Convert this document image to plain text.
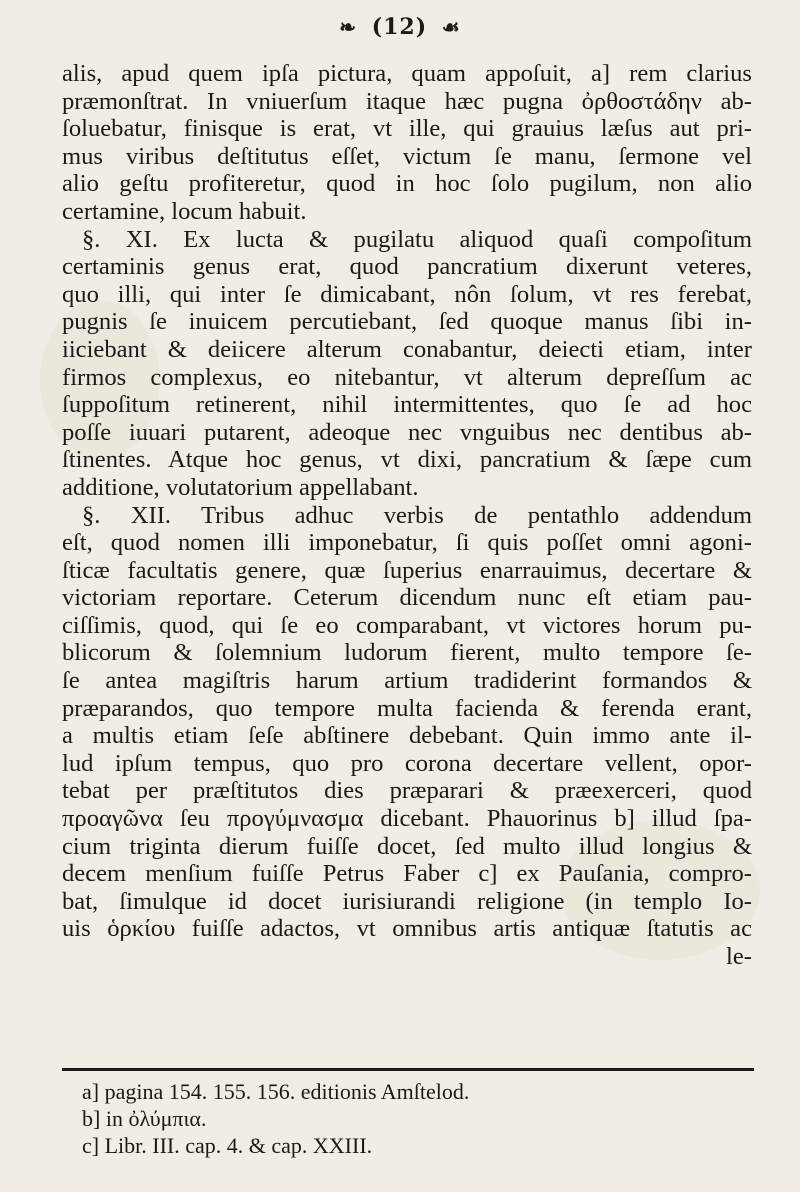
❧ (12) ☙
alis, apud quem ipſa pictura, quam appoſuit, a] rem clarius
præmonſtrat. In vniuerſum itaque hæc pugna ὀρθοστάδην ab-
ſoluebatur, finisque is erat, vt ille, qui grauius læſus aut pri-
mus viribus deſtitutus eſſet, victum ſe manu, ſermone vel
alio geſtu profiteretur, quod in hoc ſolo pugilum, non alio
certamine, locum habuit.
§. XI. Ex lucta & pugilatu aliquod quaſi compoſitum
certaminis genus erat, quod pancratium dixerunt veteres,
quo illi, qui inter ſe dimicabant, nôn ſolum, vt res ferebat,
pugnis ſe inuicem percutiebant, ſed quoque manus ſibi in-
iiciebant & deiicere alterum conabantur, deiecti etiam, inter
firmos complexus, eo nitebantur, vt alterum depreſſum ac
ſuppoſitum retinerent, nihil intermittentes, quo ſe ad hoc
poſſe iuuari putarent, adeoque nec vnguibus nec dentibus ab-
ſtinentes. Atque hoc genus, vt dixi, pancratium & ſæpe cum
additione, volutatorium appellabant.
§. XII. Tribus adhuc verbis de pentathlo addendum
eſt, quod nomen illi imponebatur, ſi quis poſſet omni agoni-
ſticæ facultatis genere, quæ ſuperius enarrauimus, decertare &
victoriam reportare. Ceterum dicendum nunc eſt etiam pau-
ciſſimis, quod, qui ſe eo comparabant, vt victores horum pu-
blicorum & ſolemnium ludorum fierent, multo tempore ſe-
ſe antea magiſtris harum artium tradiderint formandos &
præparandos, quo tempore multa facienda & ferenda erant,
a multis etiam ſeſe abſtinere debebant. Quin immo ante il-
lud ipſum tempus, quo pro corona decertare vellent, opor-
tebat per præſtitutos dies præparari & præexerceri, quod
προαγῶνα ſeu προγύμνασμα dicebant. Phauorinus b] illud ſpa-
cium triginta dierum fuiſſe docet, ſed multo illud longius &
decem menſium fuiſſe Petrus Faber c] ex Pauſania, compro-
bat, ſimulque id docet iurisiurandi religione (in templo Io-
uis ὁρκίου fuiſſe adactos, vt omnibus artis antiquæ ſtatutis ac
le-
a] pagina 154. 155. 156. editionis Amſtelod.
b] in ὀλύμπια.
c] Libr. III. cap. 4. & cap. XXIII.
